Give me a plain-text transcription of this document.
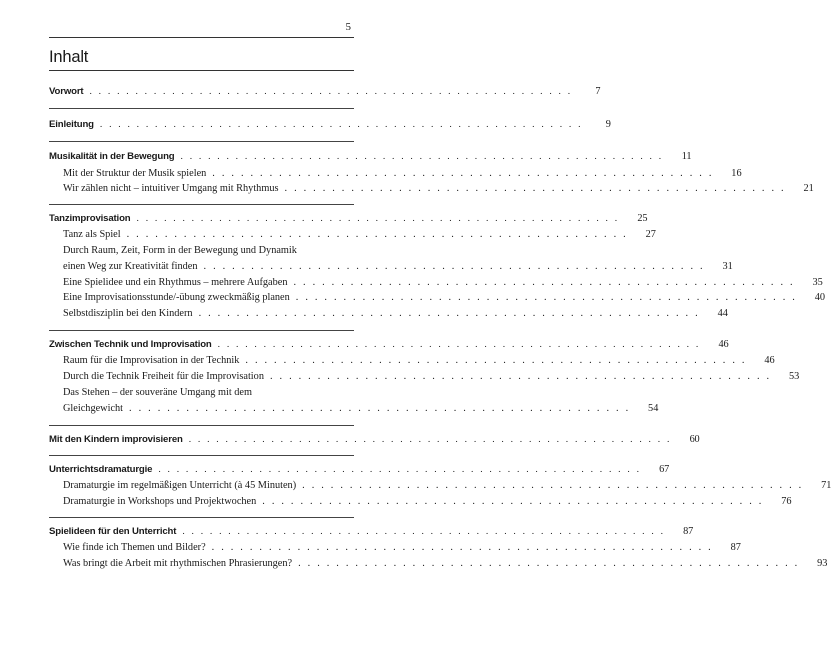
5
Inhalt
Vorwort . . . . . . . . . . . . . . . . . . . . . . . . . . . . . . . . . . . . . . . . . . . . . . . . . . . . .	7
Einleitung . . . . . . . . . . . . . . . . . . . . . . . . . . . . . . . . . . . . . . . . . . . . . . . . . . . . .	9
Musikalität in der Bewegung . . . . . . . . . . . . . . . . . . . . . . . . . . . . . . . . . . . . . . . . . . . . . . . . . . . . .	11
Mit der Struktur der Musik spielen . . . . . . . . . . . . . . . . . . . . . . . . . . . . . . . . . . . . . . . . . . . . . . . . . . . . .	16
Wir zählen nicht – intuitiver Umgang mit Rhythmus . . . . . . . . . . . . . . . . . . . . . . . . . . . . . . . . . . . . . . . . . . . . . . . . . . . . .	21
Tanzimprovisation . . . . . . . . . . . . . . . . . . . . . . . . . . . . . . . . . . . . . . . . . . . . . . . . . . . . .	25
Tanz als Spiel . . . . . . . . . . . . . . . . . . . . . . . . . . . . . . . . . . . . . . . . . . . . . . . . . . . . .	27
Durch Raum, Zeit, Form in der Bewegung und Dynamik
einen Weg zur Kreativität finden . . . . . . . . . . . . . . . . . . . . . . . . . . . . . . . . . . . . . . . . . . . . . . . . . . . . .	31
Eine Spielidee und ein Rhythmus – mehrere Aufgaben . . . . . . . . . . . . . . . . . . . . . . . . . . . . . . . . . . . . . . . . . . . . . . . . . . . . .	35
Eine Improvisationsstunde/-übung zweckmäßig planen . . . . . . . . . . . . . . . . . . . . . . . . . . . . . . . . . . . . . . . . . . . . . . . . . . . . .	40
Selbstdisziplin bei den Kindern . . . . . . . . . . . . . . . . . . . . . . . . . . . . . . . . . . . . . . . . . . . . . . . . . . . . .	44
Zwischen Technik und Improvisation . . . . . . . . . . . . . . . . . . . . . . . . . . . . . . . . . . . . . . . . . . . . . . . . . . . . .	46
Raum für die Improvisation in der Technik . . . . . . . . . . . . . . . . . . . . . . . . . . . . . . . . . . . . . . . . . . . . . . . . . . . . .	46
Durch die Technik Freiheit für die Improvisation . . . . . . . . . . . . . . . . . . . . . . . . . . . . . . . . . . . . . . . . . . . . . . . . . . . . .	53
Das Stehen – der souveräne Umgang mit dem
Gleichgewicht . . . . . . . . . . . . . . . . . . . . . . . . . . . . . . . . . . . . . . . . . . . . . . . . . . . . .	54
Mit den Kindern improvisieren . . . . . . . . . . . . . . . . . . . . . . . . . . . . . . . . . . . . . . . . . . . . . . . . . . . . .	60
Unterrichtsdramaturgie . . . . . . . . . . . . . . . . . . . . . . . . . . . . . . . . . . . . . . . . . . . . . . . . . . . . .	67
Dramaturgie im regelmäßigen Unterricht (à 45 Minuten) . . . . . . . . . . . . . . . . . . . . . . . . . . . . . . . . . . . . . . . . . . . . . . . . . . . . .	71
Dramaturgie in Workshops und Projektwochen . . . . . . . . . . . . . . . . . . . . . . . . . . . . . . . . . . . . . . . . . . . . . . . . . . . . .	76
Spielideen für den Unterricht . . . . . . . . . . . . . . . . . . . . . . . . . . . . . . . . . . . . . . . . . . . . . . . . . . . . .	87
Wie finde ich Themen und Bilder? . . . . . . . . . . . . . . . . . . . . . . . . . . . . . . . . . . . . . . . . . . . . . . . . . . . . .	87
Was bringt die Arbeit mit rhythmischen Phrasierungen? . . . . . . . . . . . . . . . . . . . . . . . . . . . . . . . . . . . . . . . . . . . . . . . . . . . . .	93
